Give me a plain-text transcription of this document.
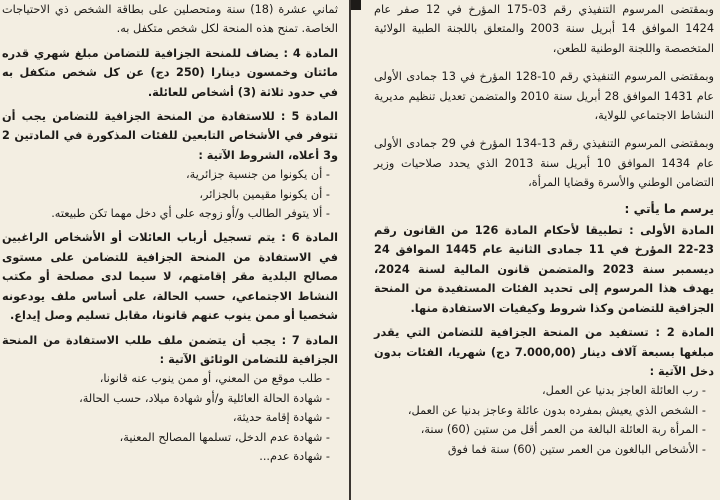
وبمقتضى المرسوم التنفيذي رقم 03-175 المؤرخ في 12 صفر عام 1424 الموافق 14 أبريل سنة 2003 والمتعلق باللجنة الطبية الولائية المتخصصة واللجنة الوطنية للطعن،

وبمقتضى المرسوم التنفيذي رقم 10-128 المؤرخ في 13 جمادى الأولى عام 1431 الموافق 28 أبريل سنة 2010 والمتضمن تعديل تنظيم مديرية النشاط الاجتماعي للولاية،

وبمقتضى المرسوم التنفيذي رقم 13-134 المؤرخ في 29 جمادى الأولى عام 1434 الموافق 10 أبريل سنة 2013 الذي يحدد صلاحيات وزير التضامن الوطني والأسرة وقضايا المرأة،

يرسم ما يأتي :

المادة الأولى : تطبيقا لأحكام المادة 126 من القانون رقم 23-22 المؤرخ في 11 جمادى الثانية عام 1445 الموافق 24 ديسمبر سنة 2023 والمتضمن قانون المالية لسنة 2024، يهدف هذا المرسوم إلى تحديد الفئات المستفيدة من المنحة الجزافية للتضامن وكذا شروط وكيفيات الاستفادة منها.

المادة 2 : تستفيد من المنحة الجزافية للتضامن التي يقدر مبلغها بسبعة آلاف دينار (7.000,00 دج) شهريا، الفئات بدون دخل الآتية :

- رب العائلة العاجز بدنيا عن العمل،

- الشخص الذي يعيش بمفرده بدون عائلة وعاجز بدنيا عن العمل،

- المرأة ربة العائلة البالغة من العمر أقل من ستين (60) سنة،

- الأشخاص البالغون من العمر ستين (60) سنة فما فوق

ثماني عشرة (18) سنة ومتحصلين على بطاقة الشخص ذي الاحتياجات الخاصة. تمنح هذه المنحة لكل شخص متكفل به.

المادة 4 : يضاف للمنحة الجزافية للتضامن مبلغ شهري قدره مائتان وخمسون دينارا (250 دج) عن كل شخص متكفل به في حدود ثلاثة (3) أشخاص للعائلة.

المادة 5 : للاستفادة من المنحة الجزافية للتضامن يجب أن تتوفر في الأشخاص التابعين للفئات المذكورة في المادتين 2 و3 أعلاه، الشروط الآتية :

- أن يكونوا من جنسية جزائرية،

- أن يكونوا مقيمين بالجزائر،

- ألا يتوفر الطالب و/أو زوجه على أي دخل مهما تكن طبيعته.

المادة 6 : يتم تسجيل أرباب العائلات أو الأشخاص الراغبين في الاستفادة من المنحة الجزافية للتضامن على مستوى مصالح البلدية مقر إقامتهم، لا سيما لدى مصلحة أو مكتب النشاط الاجتماعي، حسب الحالة، على أساس ملف يودعونه شخصيا أو ممن ينوب عنهم قانونا، مقابل تسليم وصل إيداع.

المادة 7 : يجب أن يتضمن ملف طلب الاستفادة من المنحة الجزافية للتضامن الوثائق الآتية :

- طلب موقع من المعني، أو ممن ينوب عنه قانونا،

- شهادة الحالة العائلية و/أو شهادة ميلاد، حسب الحالة،

- شهادة إقامة حديثة،

- شهادة عدم الدخل، تسلمها المصالح المعنية،

- شهادة عدم...
